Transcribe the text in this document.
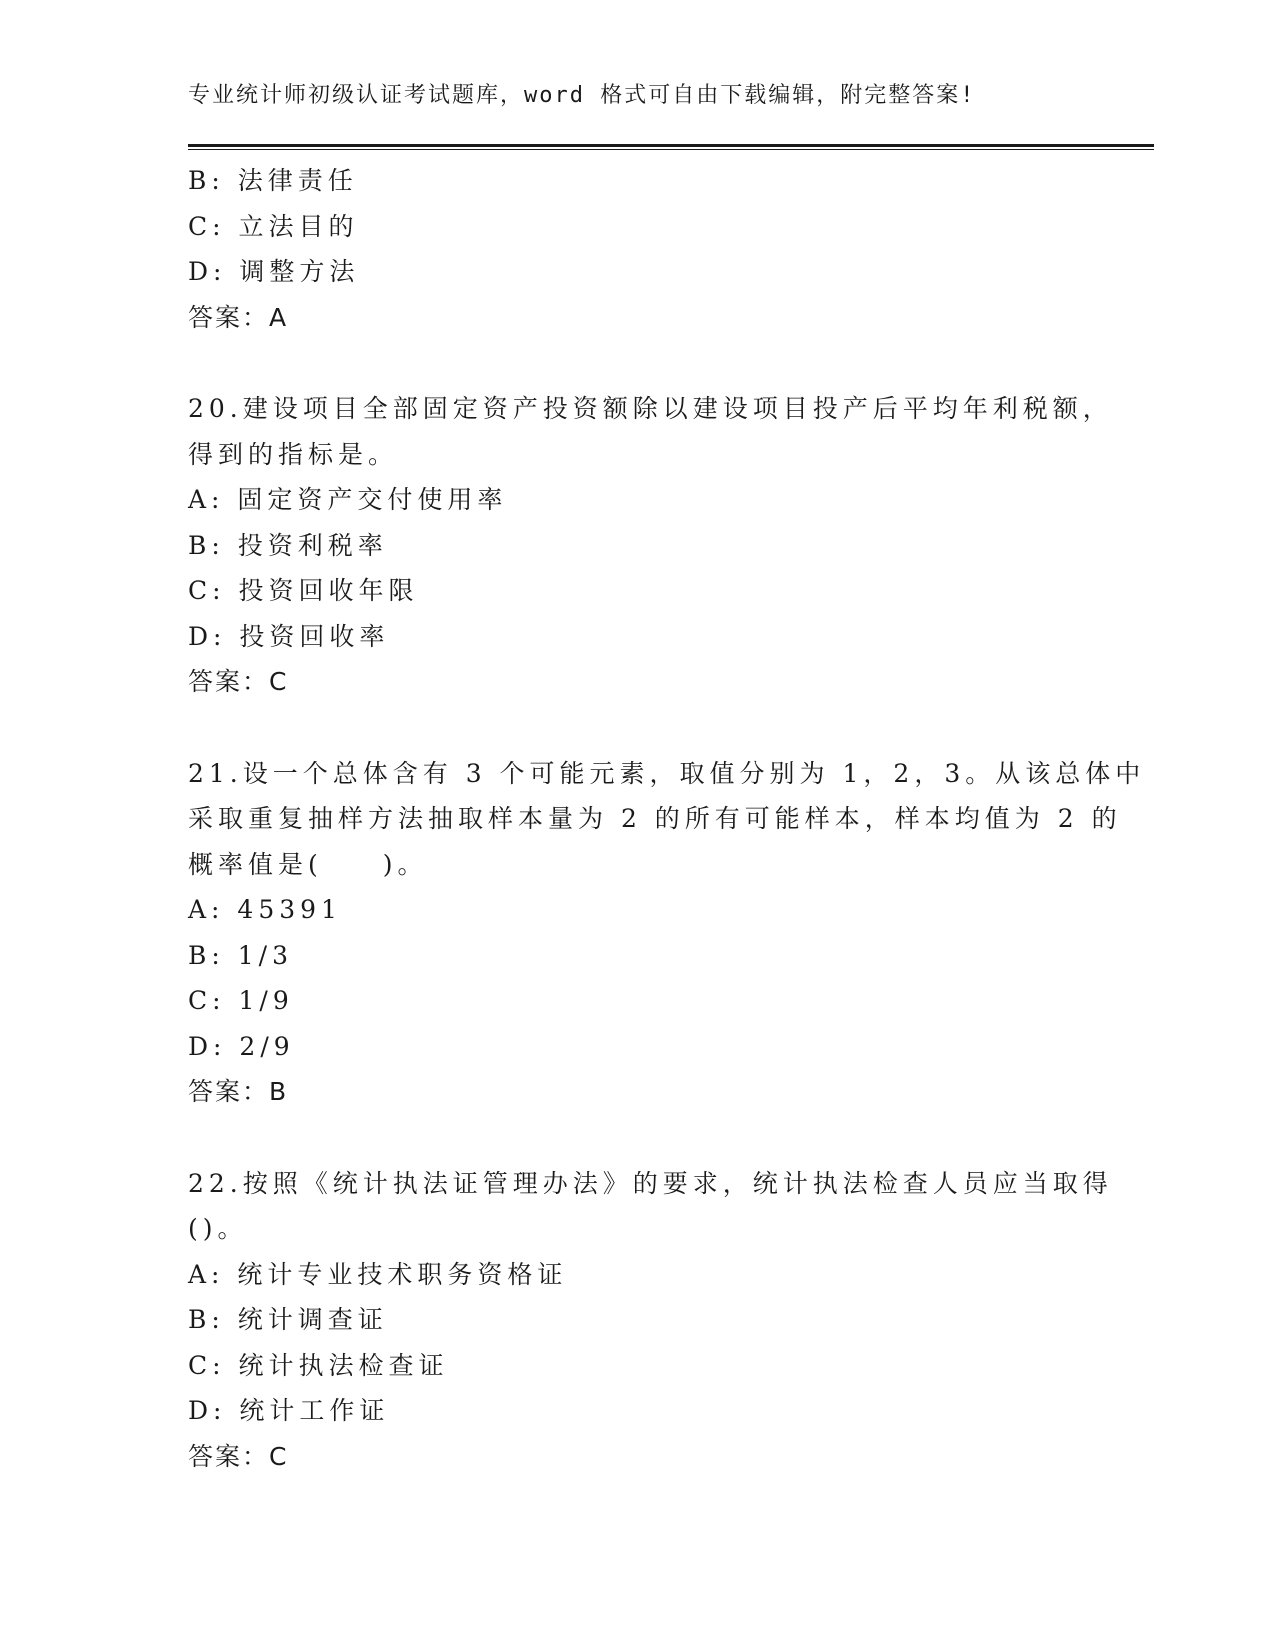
专业统计师初级认证考试题库，word 格式可自由下载编辑，附完整答案!
B: 法律责任
C: 立法目的
D: 调整方法
答案：A
20.建设项目全部固定资产投资额除以建设项目投产后平均年利税额，
得到的指标是。
A: 固定资产交付使用率
B: 投资利税率
C: 投资回收年限
D: 投资回收率
答案：C
21.设一个总体含有 3 个可能元素，取值分别为 1，2，3。从该总体中
采取重复抽样方法抽取样本量为 2 的所有可能样本，样本均值为 2 的
概率值是(　　)。
A: 45391
B: 1/3
C: 1/9
D: 2/9
答案：B
22.按照《统计执法证管理办法》的要求，统计执法检查人员应当取得
()。
A: 统计专业技术职务资格证
B: 统计调查证
C: 统计执法检查证
D: 统计工作证
答案：C
